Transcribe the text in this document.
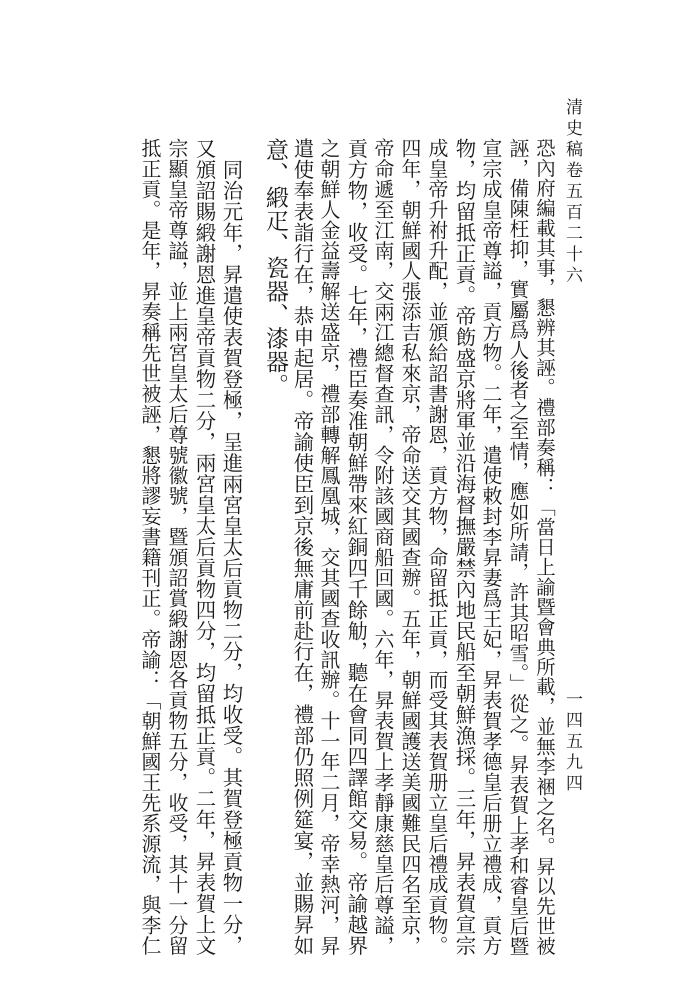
清史稿卷五百二十六
一四五九四
恐內府編載其事，懇辨其誣。禮部奏稱：「當日上諭暨會典所載，並無李裍之名。昇以先世被
誣，備陳枉抑，實屬爲人後者之至情，應如所請，許其昭雪。」從之。昇表賀上孝和睿皇后暨
宣宗成皇帝尊謚，貢方物。二年，遣使敕封李昇妻爲王妃，昇表賀孝德皇后册立禮成，貢方
物，均留抵正貢。帝飭盛京將軍並沿海督撫嚴禁內地民船至朝鮮漁採。三年，昇表賀宣宗
成皇帝升祔升配，並頒給詔書謝恩，貢方物，命留抵正貢，而受其表賀册立皇后禮成貢物。
四年，朝鮮國人張添吉私來京，帝命送交其國查辦。五年，朝鮮國護送美國難民四名至京，
帝命遞至江南，交兩江總督查訊，令附該國商船回國。六年，昇表賀上孝靜康慈皇后尊謚，
貢方物，收受。七年，禮臣奏准朝鮮帶來紅銅四千餘觔，聽在會同四譯館交易。帝諭越界
之朝鮮人金益壽解送盛京，禮部轉解鳳凰城，交其國查收訊辦。十一年二月，帝幸熱河，昇
遣使奉表詣行在，恭申起居。帝諭使臣到京後無庸前赴行在，禮部仍照例筵宴，並賜昇如
意、緞疋、瓷器、漆器。
　同治元年，昇遣使表賀登極，呈進兩宮皇太后貢物二分，均收受。其賀登極貢物一分，
又頒詔賜緞謝恩進皇帝貢物二分，兩宮皇太后貢物四分，均留抵正貢。二年，昇表賀上文
宗顯皇帝尊謚，並上兩宮皇太后尊號徽號，暨頒詔賞緞謝恩各貢物五分，收受，其十一分留
抵正貢。是年，昇奏稱先世被誣，懇將謬妄書籍刊正。帝諭：「朝鮮國王先系源流，與李仁
